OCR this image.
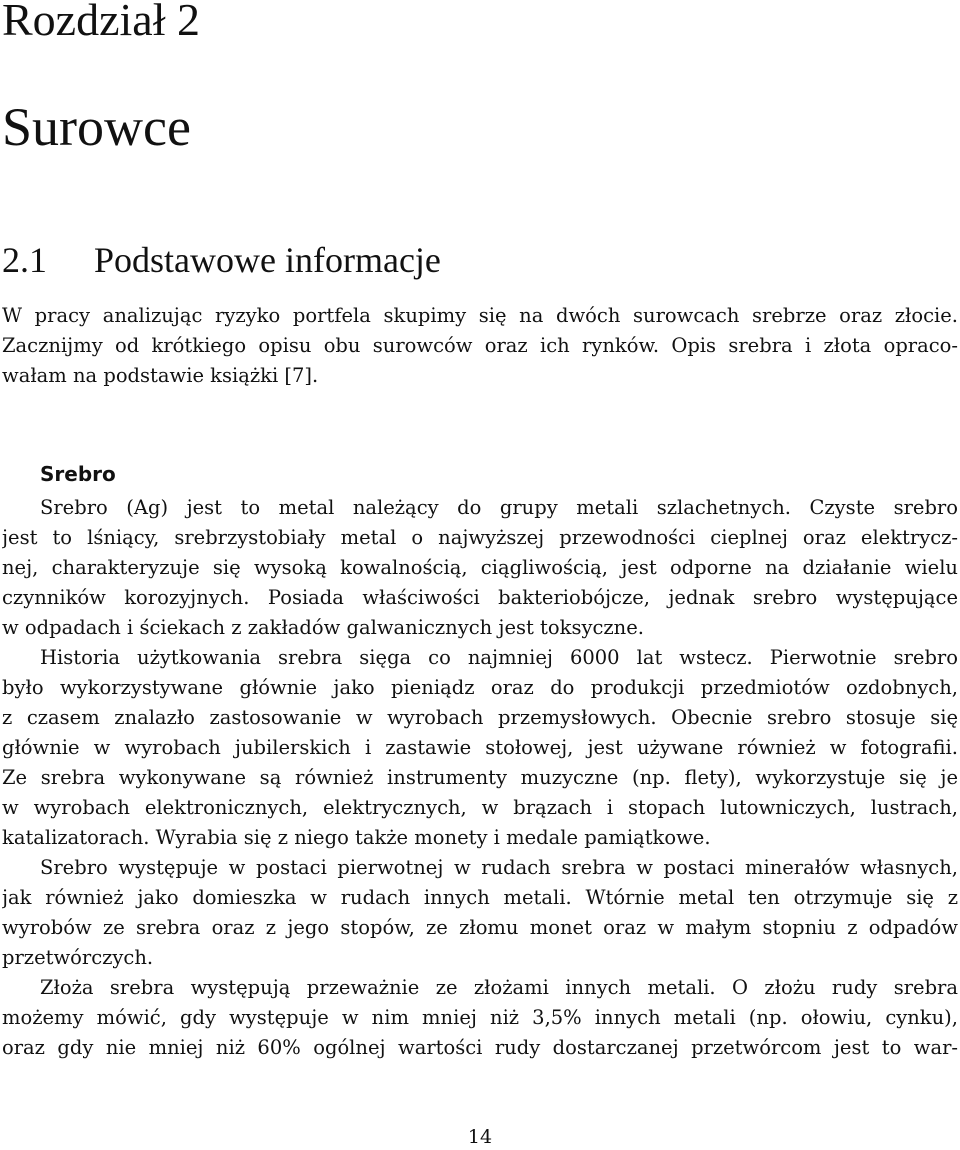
Rozdział 2
Surowce
2.1 Podstawowe informacje
W pracy analizując ryzyko portfela skupimy się na dwóch surowcach srebrze oraz złocie.
Zacznijmy od krótkiego opisu obu surowców oraz ich rynków. Opis srebra i złota opraco-
wałam na podstawie książki [7].
Srebro
Srebro (Ag) jest to metal należący do grupy metali szlachetnych. Czyste srebro
jest to lśniący, srebrzystobiały metal o najwyższej przewodności cieplnej oraz elektrycz-
nej, charakteryzuje się wysoką kowalnością, ciągliwością, jest odporne na działanie wielu
czynników korozyjnych. Posiada właściwości bakteriobójcze, jednak srebro występujące
w odpadach i ściekach z zakładów galwanicznych jest toksyczne.
Historia użytkowania srebra sięga co najmniej 6000 lat wstecz. Pierwotnie srebro
było wykorzystywane głównie jako pieniądz oraz do produkcji przedmiotów ozdobnych,
z czasem znalazło zastosowanie w wyrobach przemysłowych. Obecnie srebro stosuje się
głównie w wyrobach jubilerskich i zastawie stołowej, jest używane również w fotografii.
Ze srebra wykonywane są również instrumenty muzyczne (np. flety), wykorzystuje się je
w wyrobach elektronicznych, elektrycznych, w brązach i stopach lutowniczych, lustrach,
katalizatorach. Wyrabia się z niego także monety i medale pamiątkowe.
Srebro występuje w postaci pierwotnej w rudach srebra w postaci minerałów własnych,
jak również jako domieszka w rudach innych metali. Wtórnie metal ten otrzymuje się z
wyrobów ze srebra oraz z jego stopów, ze złomu monet oraz w małym stopniu z odpadów
przetwórczych.
Złoża srebra występują przeważnie ze złożami innych metali. O złożu rudy srebra
możemy mówić, gdy występuje w nim mniej niż 3,5% innych metali (np. ołowiu, cynku),
oraz gdy nie mniej niż 60% ogólnej wartości rudy dostarczanej przetwórcom jest to war-
14
